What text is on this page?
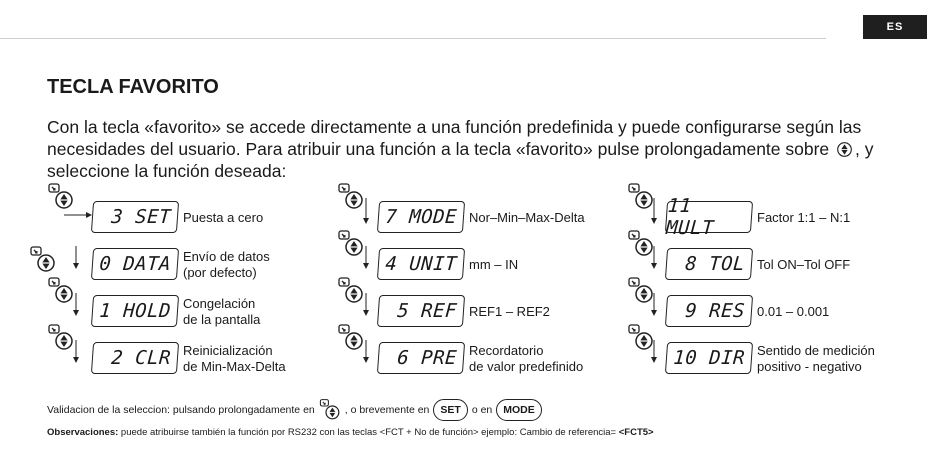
ES
TECLA FAVORITO

Con la tecla «favorito» se accede directamente a una función predefinida y puede configurarse según las necesidades del usuario. Para atribuir una función a la tecla «favorito» pulse prolongadamente sobre , y seleccione la función deseada:

0 DATA Envío de datos
(por defecto)
1 HOLD Congelación
de la pantalla
2 CLR Reinicialización
de Min-Max-Delta
3 SET Puesta a cero
4 UNIT mm – IN
5 REF REF1 – REF2
6 PRE Recordatorio
de valor predefinido
7 MODE Nor–Min–Max-Delta
8 TOL Tol ON–Tol OFF
9 RES 0.01 – 0.001
10 DIR Sentido de medición
positivo - negativo
11 MULT	Factor 1:1 – N:1
Validacion de la seleccion: pulsando prolongadamente en	, o brevemente en	SET	o en	MODE
Observaciones: puede atribuirse también la función por RS232 con las teclas <FCT + No de función> ejemplo: Cambio de referencia= <FCT5>
